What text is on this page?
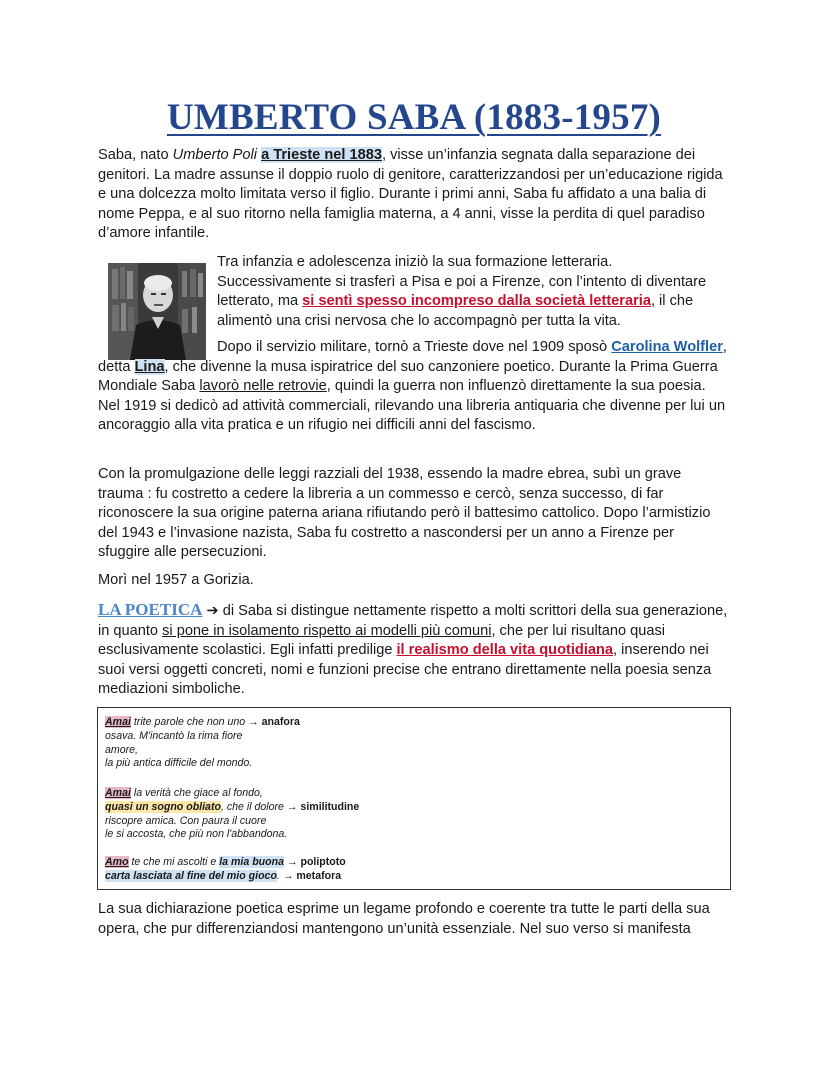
UMBERTO SABA (1883-1957)

Saba, nato Umberto Poli a Trieste nel 1883, visse un’infanzia segnata dalla separazione dei genitori. La madre assunse il doppio ruolo di genitore, caratterizzandosi per un’educazione rigida e una dolcezza molto limitata verso il figlio. Durante i primi anni, Saba fu affidato a una balia di nome Peppa, e al suo ritorno nella famiglia materna, a 4 anni, visse la perdita di quel paradiso d’amore infantile.

Tra infanzia e adolescenza iniziò la sua formazione letteraria. Successivamente si trasferì a Pisa e poi a Firenze, con l’intento di diventare letterato, ma si sentì spesso incompreso dalla società letteraria, il che alimentò una crisi nervosa che lo accompagnò per tutta la vita.

Dopo il servizio militare, tornò a Trieste dove nel 1909 sposò Carolina Wolfler, detta Lina, che divenne la musa ispiratrice del suo canzoniere poetico. Durante la Prima Guerra Mondiale Saba lavorò nelle retrovie, quindi la guerra non influenzò direttamente la sua poesia. Nel 1919 si dedicò ad attività commerciali, rilevando una libreria antiquaria che divenne per lui un ancoraggio alla vita pratica e un rifugio nei difficili anni del fascismo.

Con la promulgazione delle leggi razziali del 1938, essendo la madre ebrea, subì un grave trauma : fu costretto a cedere la libreria a un commesso e cercò, senza successo, di far riconoscere la sua origine paterna ariana rifiutando però il battesimo cattolico. Dopo l’armistizio del 1943 e l’invasione nazista, Saba fu costretto a nascondersi per un anno a Firenze per sfuggire alle persecuzioni.

Morì nel 1957 a Gorizia.

LA POETICA ➔ di Saba si distingue nettamente rispetto a molti scrittori della sua generazione, in quanto si pone in isolamento rispetto ai modelli più comuni, che per lui risultano quasi esclusivamente scolastici. Egli infatti predilige il realismo della vita quotidiana, inserendo nei suoi versi oggetti concreti, nomi e funzioni precise che entrano direttamente nella poesia senza mediazioni simboliche.

Amai trite parole che non uno → anafora
osava. M'incantò la rima fiore
amore,
la più antica difficile del mondo.
Amai la verità che giace al fondo,
quasi un sogno obliato, che il dolore → similitudine
riscopre amica. Con paura il cuore
le si accosta, che più non l'abbandona.
Amo te che mi ascolti e la mia buona → poliptoto
carta lasciata al fine del mio gioco. → metafora

La sua dichiarazione poetica esprime un legame profondo e coerente tra tutte le parti della sua opera, che pur differenziandosi mantengono un’unità essenziale. Nel suo verso si manifesta
